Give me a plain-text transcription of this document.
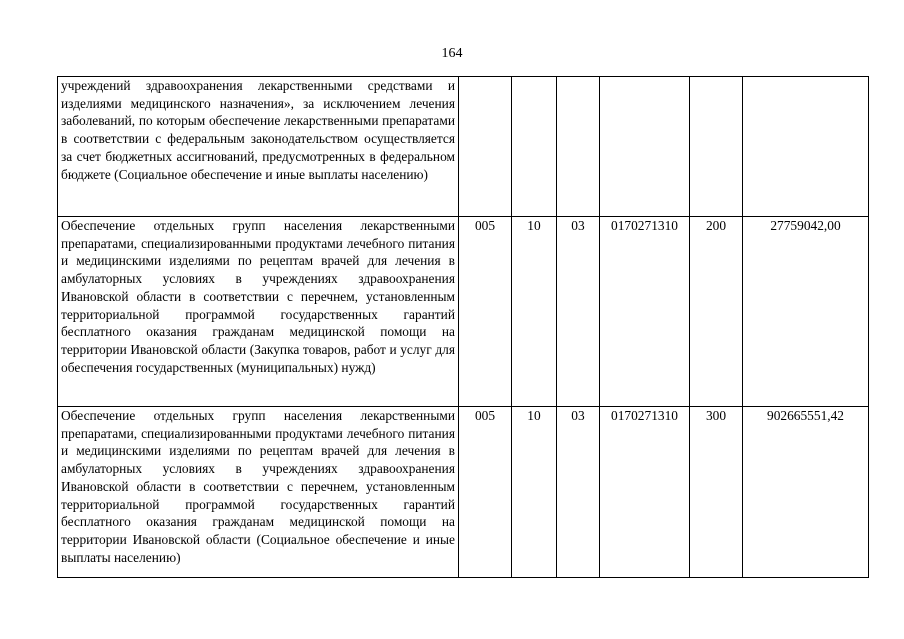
164
учреждений здравоохранения лекарственными средствами и изделиями медицинского назначения», за исключением лечения заболеваний, по которым обеспечение лекарственными препаратами в соответствии с федеральным законодательством осуществляется за счет бюджетных ассигнований, предусмотренных в федеральном бюджете (Социальное обеспечение и иные выплаты населению)						
Обеспечение отдельных групп населения лекарственными препаратами, специализированными продуктами лечебного питания и медицинскими изделиями по рецептам врачей для лечения в амбулаторных условиях в учреждениях здравоохранения Ивановской области в соответствии с перечнем, установленным территориальной программой государственных гарантий бесплатного оказания гражданам медицинской помощи на территории Ивановской области (Закупка товаров, работ и услуг для обеспечения государственных (муниципальных) нужд)	005	10	03	0170271310	200	27759042,00
Обеспечение отдельных групп населения лекарственными препаратами, специализированными продуктами лечебного питания и медицинскими изделиями по рецептам врачей для лечения в амбулаторных условиях в учреждениях здравоохранения Ивановской области в соответствии с перечнем, установленным территориальной программой государственных гарантий бесплатного оказания гражданам медицинской помощи на территории Ивановской области (Социальное обеспечение и иные выплаты населению)	005	10	03	0170271310	300	902665551,42
